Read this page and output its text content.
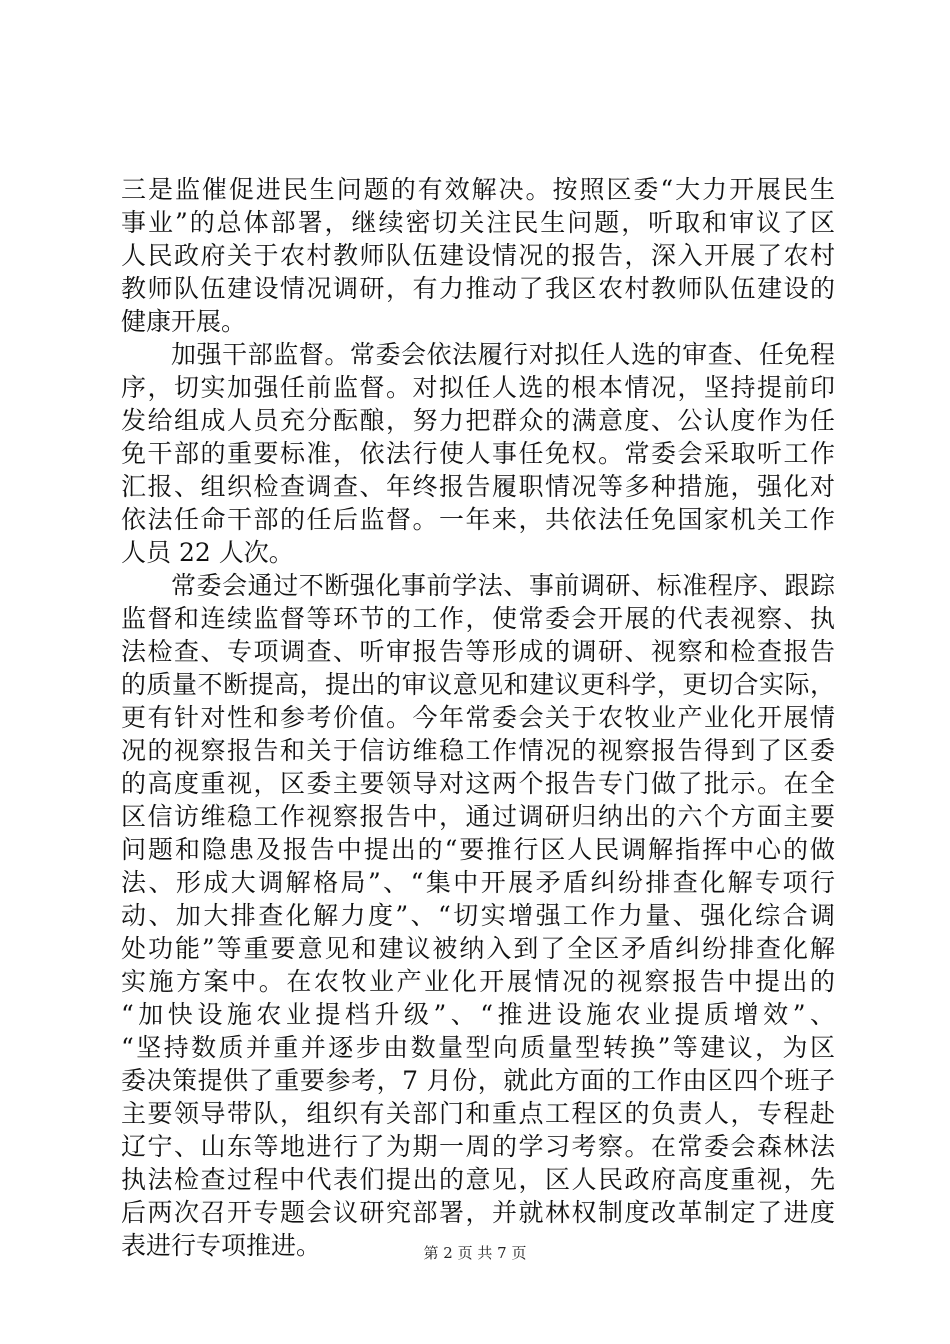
三是监催促进民生问题的有效解决。按照区委“大力开展民生
事业”的总体部署，继续密切关注民生问题，听取和审议了区
人民政府关于农村教师队伍建设情况的报告，深入开展了农村
教师队伍建设情况调研，有力推动了我区农村教师队伍建设的
健康开展。
加强干部监督。常委会依法履行对拟任人选的审查、任免程
序，切实加强任前监督。对拟任人选的根本情况，坚持提前印
发给组成人员充分酝酿，努力把群众的满意度、公认度作为任
免干部的重要标准，依法行使人事任免权。常委会采取听工作
汇报、组织检查调查、年终报告履职情况等多种措施，强化对
依法任命干部的任后监督。一年来，共依法任免国家机关工作
人员 22 人次。
常委会通过不断强化事前学法、事前调研、标准程序、跟踪
监督和连续监督等环节的工作，使常委会开展的代表视察、执
法检查、专项调查、听审报告等形成的调研、视察和检查报告
的质量不断提高，提出的审议意见和建议更科学，更切合实际，
更有针对性和参考价值。今年常委会关于农牧业产业化开展情
况的视察报告和关于信访维稳工作情况的视察报告得到了区委
的高度重视，区委主要领导对这两个报告专门做了批示。在全
区信访维稳工作视察报告中，通过调研归纳出的六个方面主要
问题和隐患及报告中提出的“要推行区人民调解指挥中心的做
法、形成大调解格局”、“集中开展矛盾纠纷排查化解专项行
动、加大排查化解力度”、“切实增强工作力量、强化综合调
处功能”等重要意见和建议被纳入到了全区矛盾纠纷排查化解
实施方案中。在农牧业产业化开展情况的视察报告中提出的
“加快设施农业提档升级”、“推进设施农业提质增效”、
“坚持数质并重并逐步由数量型向质量型转换”等建议，为区
委决策提供了重要参考，7 月份，就此方面的工作由区四个班子
主要领导带队，组织有关部门和重点工程区的负责人，专程赴
辽宁、山东等地进行了为期一周的学习考察。在常委会森林法
执法检查过程中代表们提出的意见，区人民政府高度重视，先
后两次召开专题会议研究部署，并就林权制度改革制定了进度
表进行专项推进。	第 2 页 共 7 页
